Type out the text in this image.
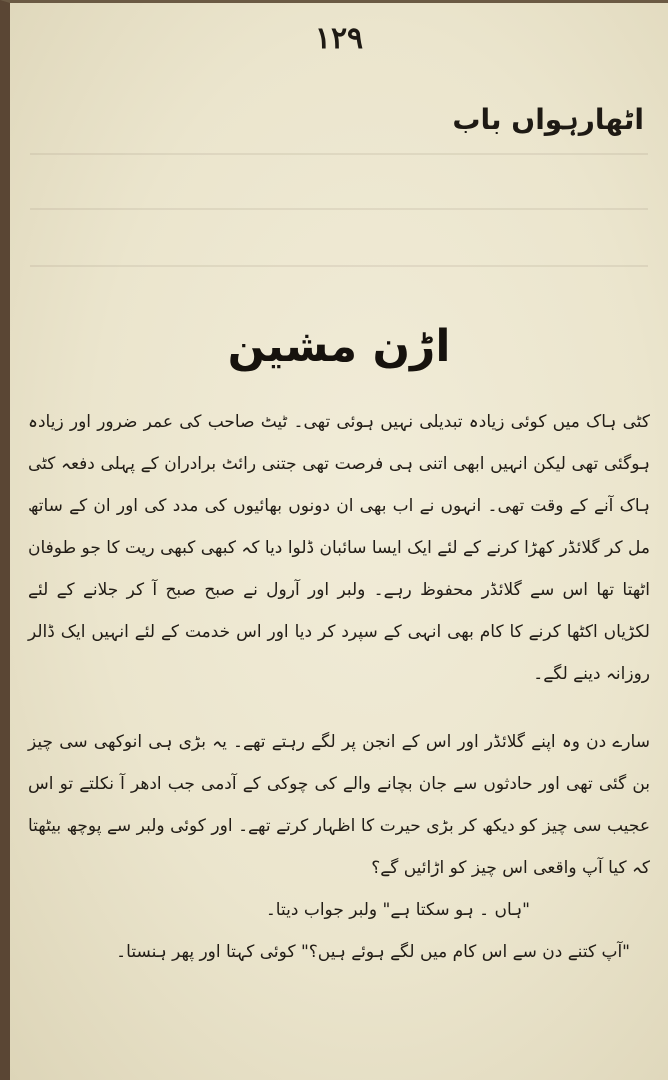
۱۲۹
اٹھارہواں باب
اڑن مشین

کٹی ہاک میں کوئی زیادہ تبدیلی نہیں ہوئی تھی۔ ٹیٹ صاحب کی عمر ضرور اور زیادہ ہوگئی تھی لیکن انہیں ابھی اتنی ہی فرصت تھی جتنی رائٹ برادران کے پہلی دفعہ کٹی ہاک آنے کے وقت تھی۔ انہوں نے اب بھی ان دونوں بھائیوں کی مدد کی اور ان کے ساتھ مل کر گلائڈر کھڑا کرنے کے لئے ایک ایسا سائبان ڈلوا دیا کہ کبھی کبھی ریت کا جو طوفان اٹھتا تھا اس سے گلائڈر محفوظ رہے۔ ولبر اور آرول نے صبح صبح آ کر جلانے کے لئے لکڑیاں اکٹھا کرنے کا کام بھی انہی کے سپرد کر دیا اور اس خدمت کے لئے انہیں ایک ڈالر روزانہ دینے لگے۔

سارے دن وہ اپنے گلائڈر اور اس کے انجن پر لگے رہتے تھے۔ یہ بڑی ہی انوکھی سی چیز بن گئی تھی اور حادثوں سے جان بچانے والے کی چوکی کے آدمی جب ادھر آ نکلتے تو اس عجیب سی چیز کو دیکھ کر بڑی حیرت کا اظہار کرتے تھے۔ اور کوئی ولبر سے پوچھ بیٹھتا کہ کیا آپ واقعی اس چیز کو اڑائیں گے؟

"ہاں ۔ ہو سکتا ہے" ولبر جواب دیتا۔

"آپ کتنے دن سے اس کام میں لگے ہوئے ہیں؟" کوئی کہتا اور پھر ہنستا۔
